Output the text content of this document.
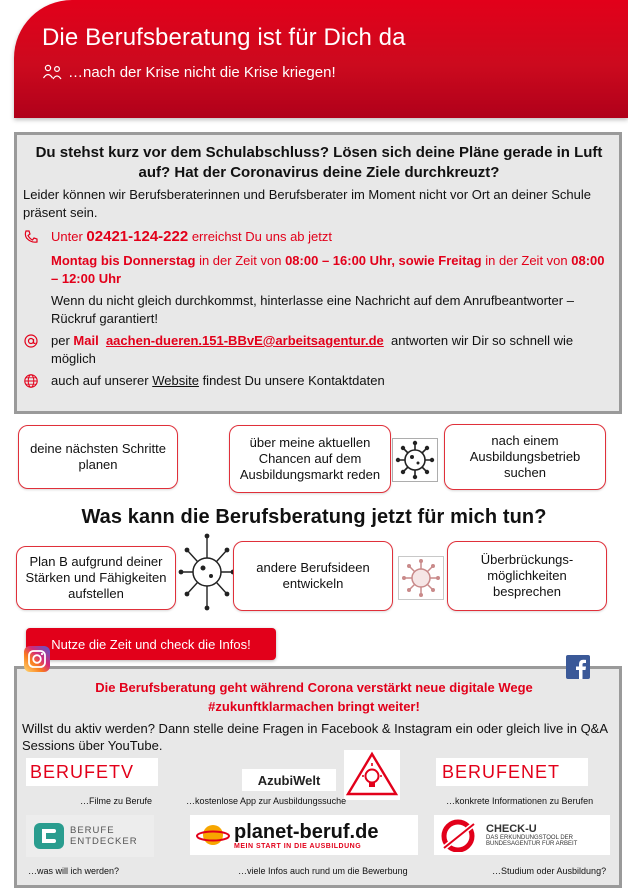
Die Berufsberatung ist für Dich da
…nach der Krise nicht die Krise kriegen!
Du stehst kurz vor dem Schulabschluss? Lösen sich deine Pläne gerade in Luft auf? Hat der Coronavirus deine Ziele durchkreuzt?
Leider können wir Berufsberaterinnen und Berufsberater im Moment nicht vor Ort an deiner Schule präsent sein.
Unter 02421-124-222 erreichst Du uns ab jetzt
Montag bis Donnerstag in der Zeit von 08:00 – 16:00 Uhr, sowie Freitag in der Zeit von 08:00 – 12:00 Uhr
Wenn du nicht gleich durchkommst, hinterlasse eine Nachricht auf dem Anrufbeantworter – Rückruf garantiert!
per Mail aachen-dueren.151-BBvE@arbeitsagentur.de antworten wir Dir so schnell wie möglich
auch auf unserer Website findest Du unsere Kontaktdaten
deine nächsten Schritte planen
über meine aktuellen Chancen auf dem Ausbildungsmarkt reden
nach einem Ausbildungsbetrieb suchen
Was kann die Berufsberatung jetzt für mich tun?
Plan B aufgrund deiner Stärken und Fähigkeiten aufstellen
andere Berufsideen entwickeln
Überbrückungs-möglichkeiten besprechen
Nutze die Zeit und check die Infos!
Die Berufsberatung geht während Corona verstärkt neue digitale Wege
#zukunftklarmachen bringt weiter!
Willst du aktiv werden? Dann stelle deine Fragen in Facebook & Instagram ein oder gleich live in Q&A Sessions über YouTube.
BERUFETV
…Filme zu Berufe
AzubiWelt
…kostenlose App zur Ausbildungssuche
BERUFENET
…konkrete Informationen zu Berufen
BERUFE
ENTDECKER
…was will ich werden?
planet-beruf.de
MEIN START IN DIE AUSBILDUNG
…viele Infos auch rund um die Bewerbung
CHECK-U
DAS ERKUNDUNGSTOOL DER
BUNDESAGENTUR FÜR ARBEIT
…Studium oder Ausbildung?
